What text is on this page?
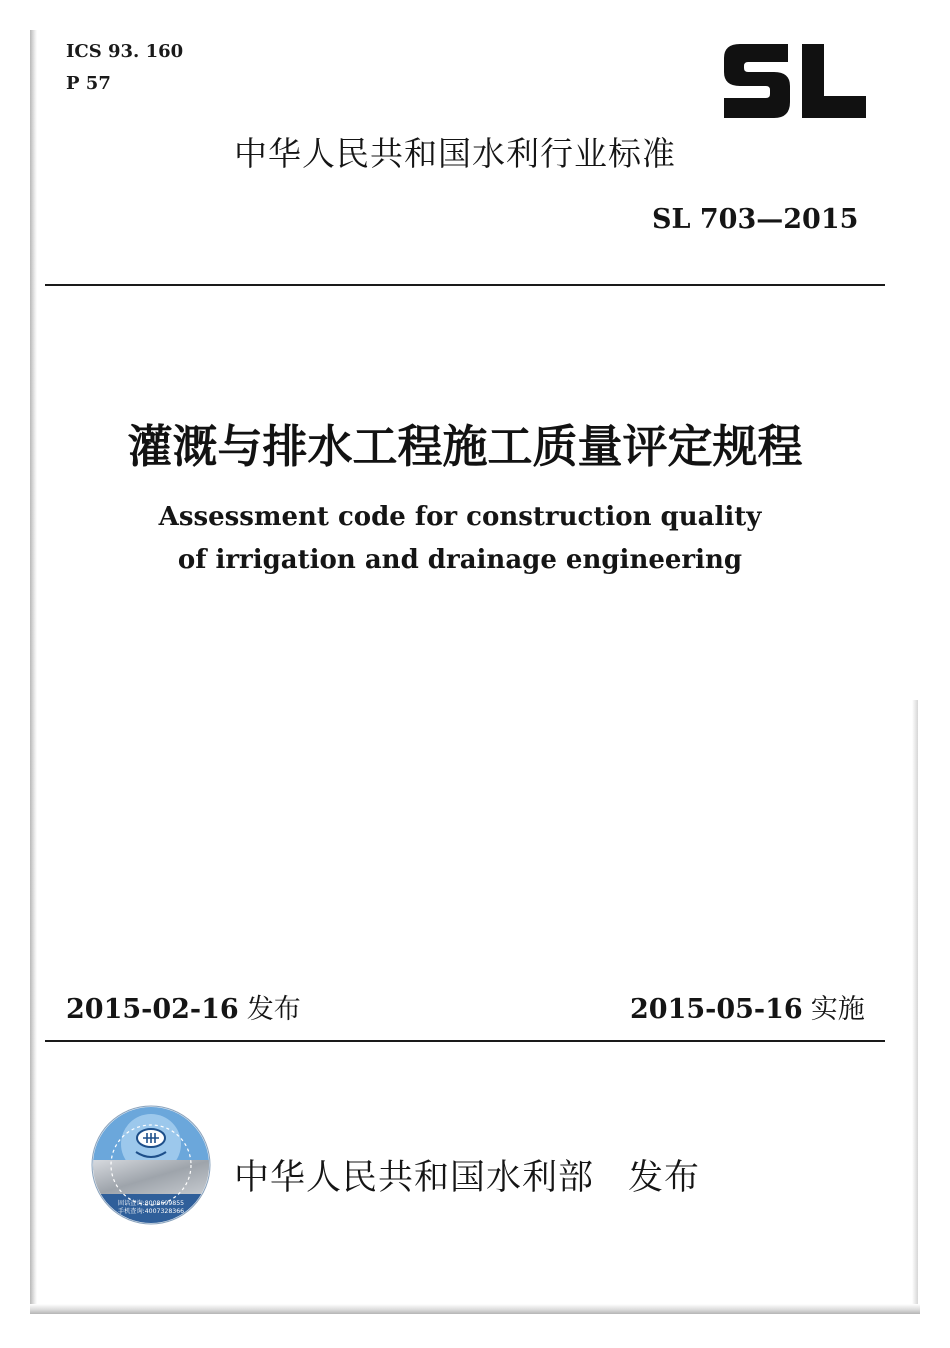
ICS 93. 160
P 57
中华人民共和国水利行业标准
SL 703—2015
灌溉与排水工程施工质量评定规程
Assessment code for construction quality
of irrigation and drainage engineering
2015-02-16 发布	2015-05-16 实施
固话查询:8008699855
手机查询:4007328366
中华人民共和国水利部 发布
